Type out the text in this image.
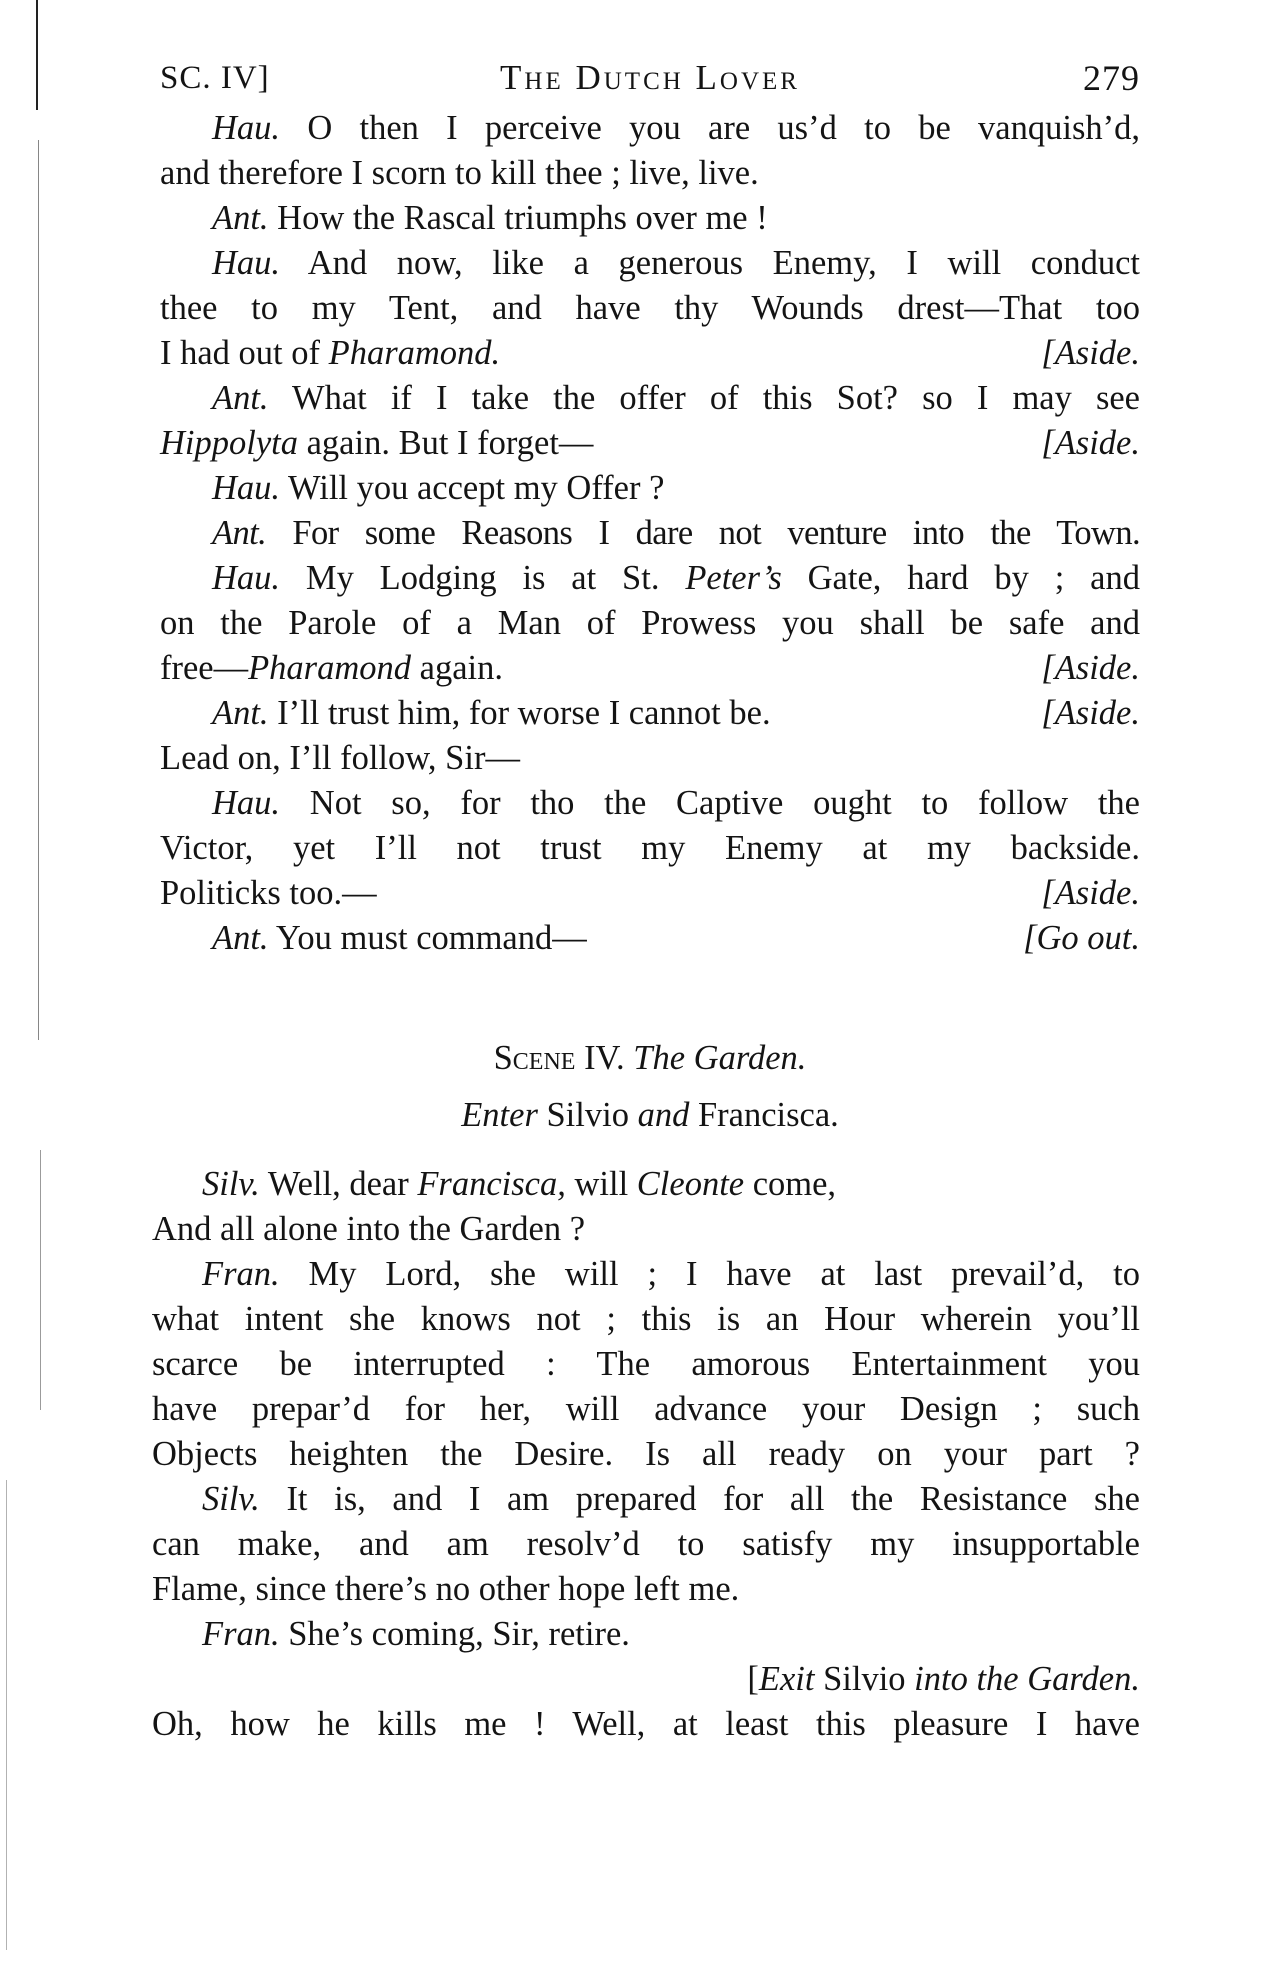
SC. IV]	The Dutch Lover	279
Hau. O then I perceive you are us’d to be vanquish’d,
and therefore I scorn to kill thee ; live, live.
Ant. How the Rascal triumphs over me !
Hau. And now, like a generous Enemy, I will conduct
thee to my Tent, and have thy Wounds drest—That too
I had out of Pharamond.	[Aside.
Ant. What if I take the offer of this Sot? so I may see
Hippolyta again. But I forget—	[Aside.
Hau. Will you accept my Offer ?
Ant. For some Reasons I dare not venture into the Town.
Hau. My Lodging is at St. Peter’s Gate, hard by ; and
on the Parole of a Man of Prowess you shall be safe and
free—Pharamond again.	[Aside.
Ant. I’ll trust him, for worse I cannot be.	[Aside.
Lead on, I’ll follow, Sir—
Hau. Not so, for tho the Captive ought to follow the
Victor, yet I’ll not trust my Enemy at my backside.
Politicks too.—	[Aside.
Ant. You must command—	[Go out.
Scene IV. The Garden.
Enter Silvio and Francisca.
Silv. Well, dear Francisca, will Cleonte come,
And all alone into the Garden ?
Fran. My Lord, she will ; I have at last prevail’d, to
what intent she knows not ; this is an Hour wherein you’ll
scarce be interrupted : The amorous Entertainment you
have prepar’d for her, will advance your Design ; such
Objects heighten the Desire. Is all ready on your part ?
Silv. It is, and I am prepared for all the Resistance she
can make, and am resolv’d to satisfy my insupportable
Flame, since there’s no other hope left me.
Fran. She’s coming, Sir, retire.
[Exit Silvio into the Garden.
Oh, how he kills me ! Well, at least this pleasure I have
